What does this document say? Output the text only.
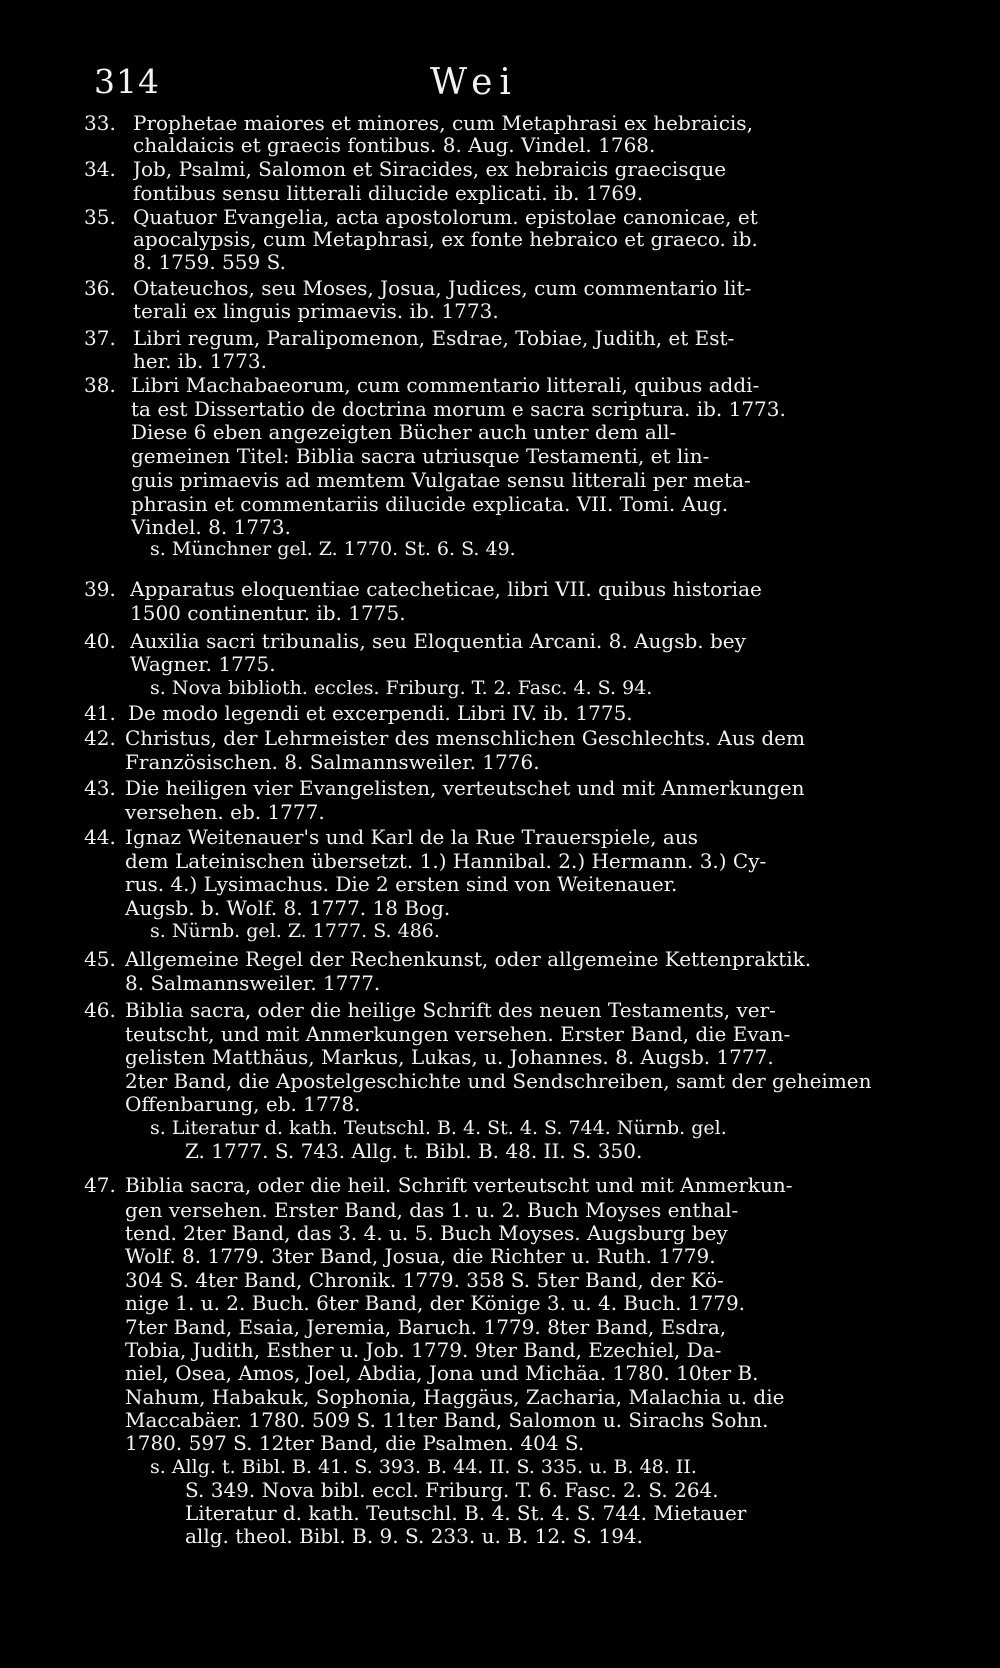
314	Wei
33. Prophetae maiores et minores, cum Metaphrasi ex hebraicis,
chaldaicis et graecis fontibus. 8. Aug. Vindel. 1768.
34. Job, Psalmi, Salomon et Siracides, ex hebraicis graecisque
fontibus sensu litterali dilucide explicati. ib. 1769.
35. Quatuor Evangelia, acta apostolorum. epistolae canonicae, et
apocalypsis, cum Metaphrasi, ex fonte hebraico et graeco. ib.
8. 1759. 559 S.
36. Otateuchos, seu Moses, Josua, Judices, cum commentario lit-
terali ex linguis primaevis. ib. 1773.
37. Libri regum, Paralipomenon, Esdrae, Tobiae, Judith, et Est-
her. ib. 1773.
38. Libri Machabaeorum, cum commentario litterali, quibus addi-
ta est Dissertatio de doctrina morum e sacra scriptura. ib. 1773.
Diese 6 eben angezeigten Bücher auch unter dem all-
gemeinen Titel: Biblia sacra utriusque Testamenti, et lin-
guis primaevis ad memtem Vulgatae sensu litterali per meta-
phrasin et commentariis dilucide explicata. VII. Tomi. Aug.
Vindel. 8. 1773.
s. Münchner gel. Z. 1770. St. 6. S. 49.
39. Apparatus eloquentiae catecheticae, libri VII. quibus historiae
1500 continentur. ib. 1775.
40. Auxilia sacri tribunalis, seu Eloquentia Arcani. 8. Augsb. bey
Wagner. 1775.
s. Nova biblioth. eccles. Friburg. T. 2. Fasc. 4. S. 94.
41. De modo legendi et excerpendi. Libri IV. ib. 1775.
42. Christus, der Lehrmeister des menschlichen Geschlechts. Aus dem
Französischen. 8. Salmannsweiler. 1776.
43. Die heiligen vier Evangelisten, verteutschet und mit Anmerkungen
versehen. eb. 1777.
44. Ignaz Weitenauer's und Karl de la Rue Trauerspiele, aus
dem Lateinischen übersetzt. 1.) Hannibal. 2.) Hermann. 3.) Cy-
rus. 4.) Lysimachus. Die 2 ersten sind von Weitenauer.
Augsb. b. Wolf. 8. 1777. 18 Bog.
s. Nürnb. gel. Z. 1777. S. 486.
45. Allgemeine Regel der Rechenkunst, oder allgemeine Kettenpraktik.
8. Salmannsweiler. 1777.
46. Biblia sacra, oder die heilige Schrift des neuen Testaments, ver-
teutscht, und mit Anmerkungen versehen. Erster Band, die Evan-
gelisten Matthäus, Markus, Lukas, u. Johannes. 8. Augsb. 1777.
2ter Band, die Apostelgeschichte und Sendschreiben, samt der geheimen
Offenbarung, eb. 1778.
s. Literatur d. kath. Teutschl. B. 4. St. 4. S. 744. Nürnb. gel.
Z. 1777. S. 743. Allg. t. Bibl. B. 48. II. S. 350.
47. Biblia sacra, oder die heil. Schrift verteutscht und mit Anmerkun-
gen versehen. Erster Band, das 1. u. 2. Buch Moyses enthal-
tend. 2ter Band, das 3. 4. u. 5. Buch Moyses. Augsburg bey
Wolf. 8. 1779. 3ter Band, Josua, die Richter u. Ruth. 1779.
304 S. 4ter Band, Chronik. 1779. 358 S. 5ter Band, der Kö-
nige 1. u. 2. Buch. 6ter Band, der Könige 3. u. 4. Buch. 1779.
7ter Band, Esaia, Jeremia, Baruch. 1779. 8ter Band, Esdra,
Tobia, Judith, Esther u. Job. 1779. 9ter Band, Ezechiel, Da-
niel, Osea, Amos, Joel, Abdia, Jona und Michäa. 1780. 10ter B.
Nahum, Habakuk, Sophonia, Haggäus, Zacharia, Malachia u. die
Maccabäer. 1780. 509 S. 11ter Band, Salomon u. Sirachs Sohn.
1780. 597 S. 12ter Band, die Psalmen. 404 S.
s. Allg. t. Bibl. B. 41. S. 393. B. 44. II. S. 335. u. B. 48. II.
S. 349. Nova bibl. eccl. Friburg. T. 6. Fasc. 2. S. 264.
Literatur d. kath. Teutschl. B. 4. St. 4. S. 744. Mietauer
allg. theol. Bibl. B. 9. S. 233. u. B. 12. S. 194.
